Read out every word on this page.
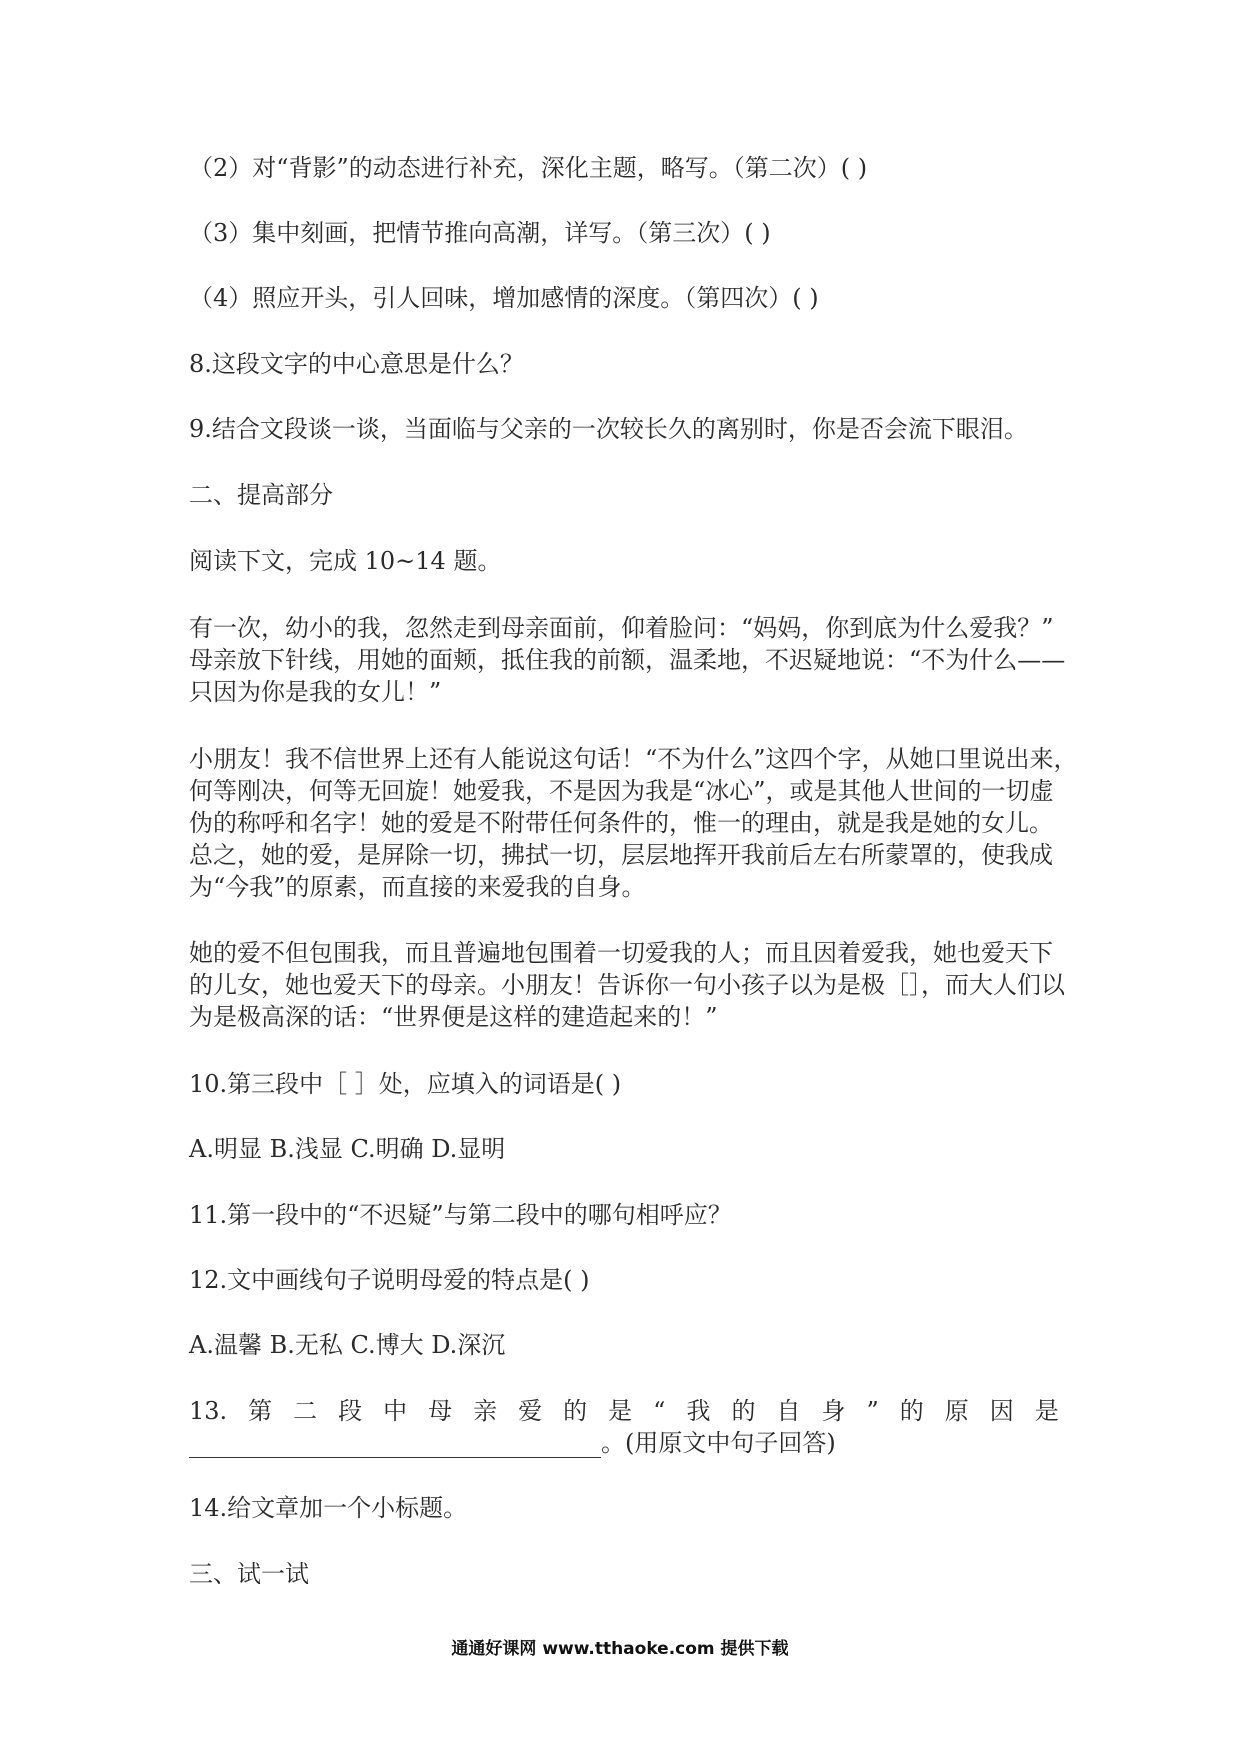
（2）对“背影”的动态进行补充，深化主题，略写。（第二次）( )
（3）集中刻画，把情节推向高潮，详写。（第三次）( )
（4）照应开头，引人回味，增加感情的深度。（第四次）( )
8.这段文字的中心意思是什么？
9.结合文段谈一谈，当面临与父亲的一次较长久的离别时，你是否会流下眼泪。
二、提高部分
阅读下文，完成 10~14 题。
有一次，幼小的我，忽然走到母亲面前，仰着脸问：“妈妈，你到底为什么爱我？”
母亲放下针线，用她的面颊，抵住我的前额，温柔地，不迟疑地说：“不为什么——
只因为你是我的女儿！”
小朋友！我不信世界上还有人能说这句话！“不为什么”这四个字，从她口里说出来，
何等刚决，何等无回旋！她爱我，不是因为我是“冰心”，或是其他人世间的一切虚
伪的称呼和名字！她的爱是不附带任何条件的，惟一的理由，就是我是她的女儿。
总之，她的爱，是屏除一切，拂拭一切，层层地挥开我前后左右所蒙罩的，使我成
为“今我”的原素，而直接的来爱我的自身。
她的爱不但包围我，而且普遍地包围着一切爱我的人；而且因着爱我，她也爱天下
的儿女，她也爱天下的母亲。小朋友！告诉你一句小孩子以为是极［］，而大人们以
为是极高深的话：“世界便是这样的建造起来的！”
10.第三段中［ ］处，应填入的词语是( )
A.明显 B.浅显 C.明确 D.显明
11.第一段中的“不迟疑”与第二段中的哪句相呼应？
12.文中画线句子说明母爱的特点是( )
A.温馨 B.无私 C.博大 D.深沉
13. 第 二 段 中 母 亲 爱 的 是 “ 我 的 自 身 ” 的 原 因 是
。(用原文中句子回答)
14.给文章加一个小标题。
三、试一试
通通好课网 www.tthaoke.com 提供下载
